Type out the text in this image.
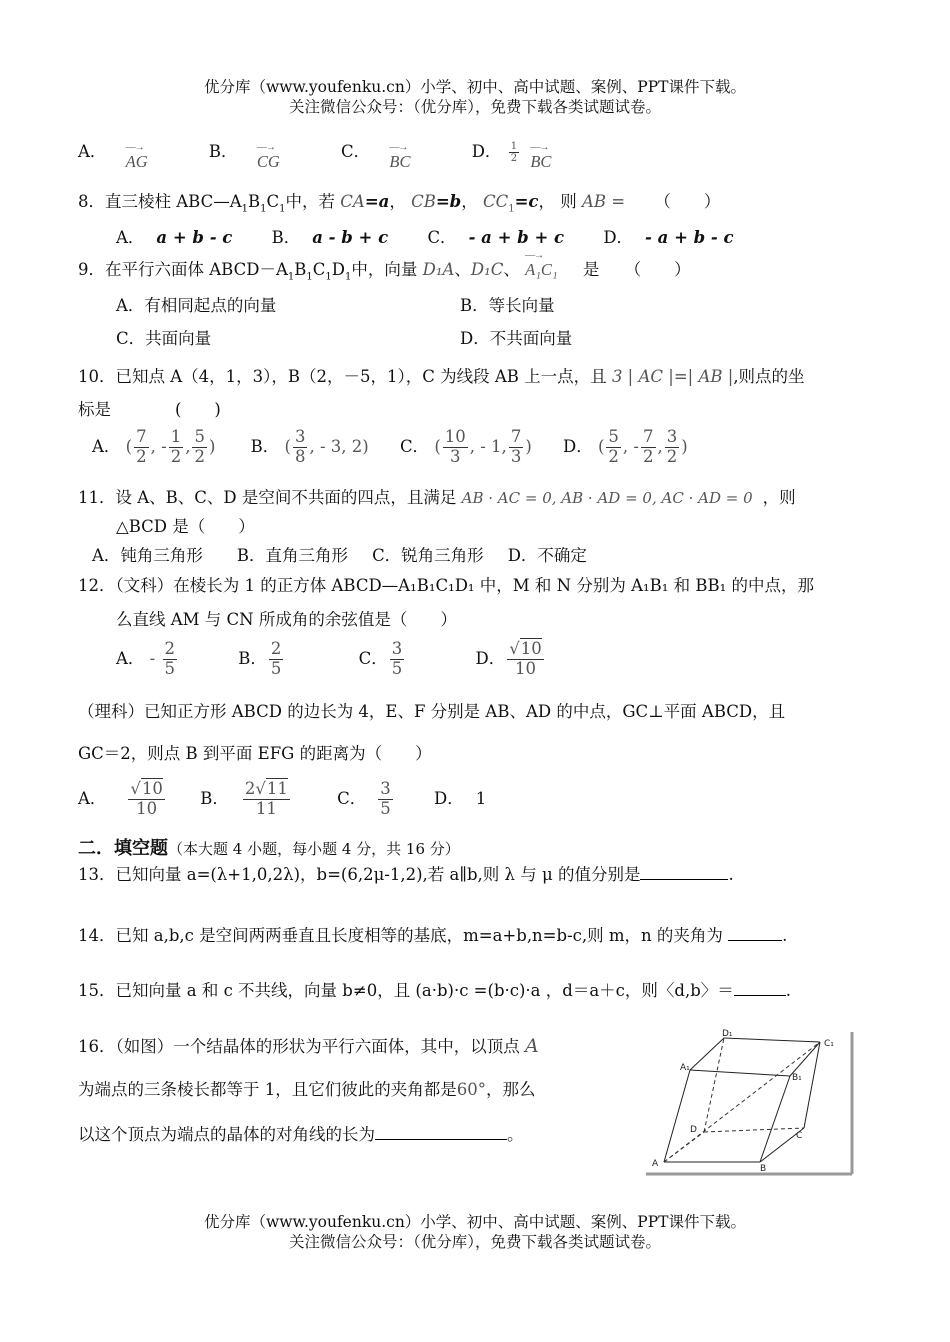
优分库（www.youfenku.cn）小学、初中、高中试题、案例、PPT课件下载。
关注微信公众号：（优分库），免费下载各类试题试卷。
A． —→ AG B． —→ CG C． —→ BC D． $\frac{1}{2}$
—→ BC
8．直三棱柱 $ABC—A_1B_1C_1$中，若 CA=a， CB=b， $CC_1=c$， 则 AB = （　　）
A． a + b - c B． a - b + c C． - a + b + c D． - a + b - c
9．在平行六面体 $ABCD-A_1B_1C_1D_1$中，向量 D₁A、D₁C、 —→ A₁C₁ 是 （　　）
A．有相同起点的向量	B．等长向量
C．共面向量	D．不共面向量
10．已知点 A（4，1，3），B（2，－5，1），C 为线段 AB 上一点，且 3 | AC |=| AB |,则点的坐
标是	(　　)
A． ( $\frac{7}{2}$ , - $\frac{1}{2}$ , $\frac{5}{2}$ ) B． ( $\frac{3}{8}$ , - 3, 2) C． ( $\frac{10}{3}$ , - 1, $\frac{7}{3}$ ) D． ( $\frac{5}{2}$ , - $\frac{7}{2}$ , $\frac{3}{2}$ )
11．设 A、B、C、D 是空间不共面的四点，且满足 AB · AC = 0, AB · AD = 0, AC · AD = 0 ，则
△BCD 是（　　）
A．钝角三角形 B．直角三角形 C．锐角三角形 D．不确定
12．（文科）在棱长为 1 的正方体 ABCD—A₁B₁C₁D₁ 中，M 和 N 分别为 A₁B₁ 和 BB₁ 的中点，那
么直线 AM 与 CN 所成角的余弦值是（　　）
A． - $\frac{2}{5}$	B． $\frac{2}{5}$	C． $\frac{3}{5}$	D． $\frac{√10}{10}$
（理科）已知正方形 ABCD 的边长为 4，E、F 分别是 AB、AD 的中点，GC⊥平面 ABCD，且
GC＝2，则点 B 到平面 EFG 的距离为（　　）
A． $\frac{√10}{10}$ B． $\frac{2√11}{11}$	C． $\frac{3}{5}$	D． 1
二．填空题（本大题 4 小题，每小题 4 分，共 16 分）
13．已知向量 a=(λ+1,0,2λ)，b=(6,2μ-1,2),若 a∥b,则 λ 与 μ 的值分别是	.
14．已知 a,b,c 是空间两两垂直且长度相等的基底，m=a+b,n=b-c,则 m，n 的夹角为	.
15．已知向量 a 和 c 不共线，向量 b≠0，且 (a·b)·c =(b·c)·a ，d＝a＋c，则〈d,b〉＝	.
16．（如图）一个结晶体的形状为平行六面体，其中，以顶点 A
为端点的三条棱长都等于 1，且它们彼此的夹角都是60°，那么
以这个顶点为端点的晶体的对角线的长为	。
D₁
C₁
A₁
B₁
D
C
A	B
优分库（www.youfenku.cn）小学、初中、高中试题、案例、PPT课件下载。
关注微信公众号：（优分库），免费下载各类试题试卷。
